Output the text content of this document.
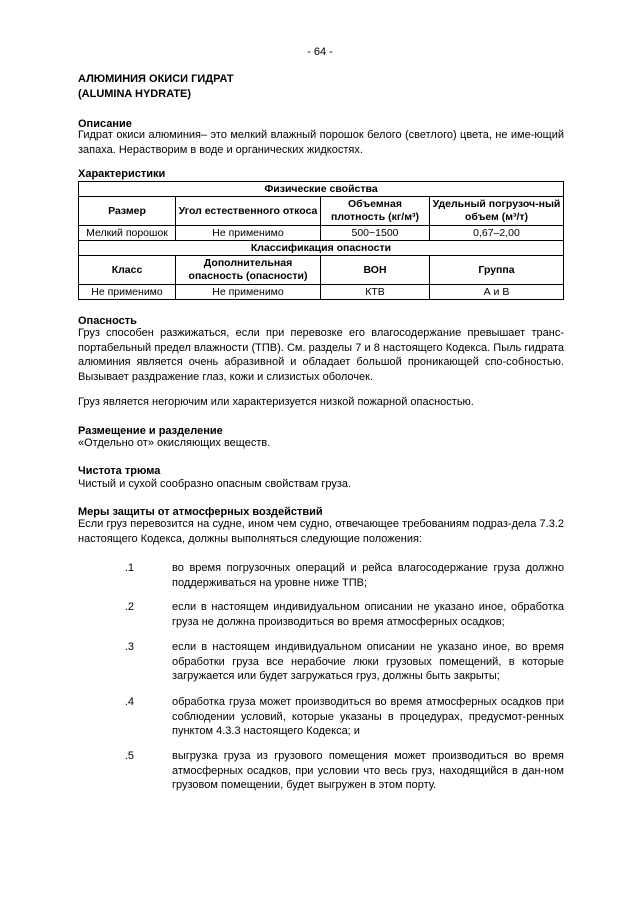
- 64 -
АЛЮМИНИЯ ОКИСИ ГИДРАТ
(ALUMINA HYDRATE)
Описание
Гидрат окиси алюминия– это мелкий влажный порошок белого (светлого) цвета, не име-ющий запаха. Нерастворим в воде и органических жидкостях.
Характеристики
Физические свойства			
Размер	Угол естественного откоса	Объемная плотность (кг/м³)	Удельный погрузоч-ный объем (м³/т)
Мелкий порошок	Не применимо	500−1500	0,67–2,00
Классификация опасности			
Класс	Дополнительная опасность (опасности)	ВОН	Группа
Не применимо	Не применимо	КТВ	А и В
Опасность
Груз способен разжижаться, если при перевозке его влагосодержание превышает транс-портабельный предел влажности (ТПВ). См. разделы 7 и 8 настоящего Кодекса. Пыль гидрата алюминия является очень абразивной и обладает большой проникающей спо-собностью. Вызывает раздражение глаз, кожи и слизистых оболочек.
Груз является негорючим или характеризуется низкой пожарной опасностью.
Размещение и разделение
«Отдельно от» окисляющих веществ.
Чистота трюма
Чистый и сухой сообразно опасным свойствам груза.
Меры защиты от атмосферных воздействий
Если груз перевозится на судне, ином чем судно, отвечающее требованиям подраз-дела 7.3.2 настоящего Кодекса, должны выполняться следующие положения:
.1	во время погрузочных операций и рейса влагосодержание груза должно поддерживаться на уровне ниже ТПВ;
.2	если в настоящем индивидуальном описании не указано иное, обработка груза не должна производиться во время атмосферных осадков;
.3	если в настоящем индивидуальном описании не указано иное, во время обработки груза все нерабочие люки грузовых помещений, в которые загружается или будет загружаться груз, должны быть закрыты;
.4	обработка груза может производиться во время атмосферных осадков при соблюдении условий, которые указаны в процедурах, предусмот-ренных пунктом 4.3.3 настоящего Кодекса; и
.5	выгрузка груза из грузового помещения может производиться во время атмосферных осадков, при условии что весь груз, находящийся в дан-ном грузовом помещении, будет выгружен в этом порту.
